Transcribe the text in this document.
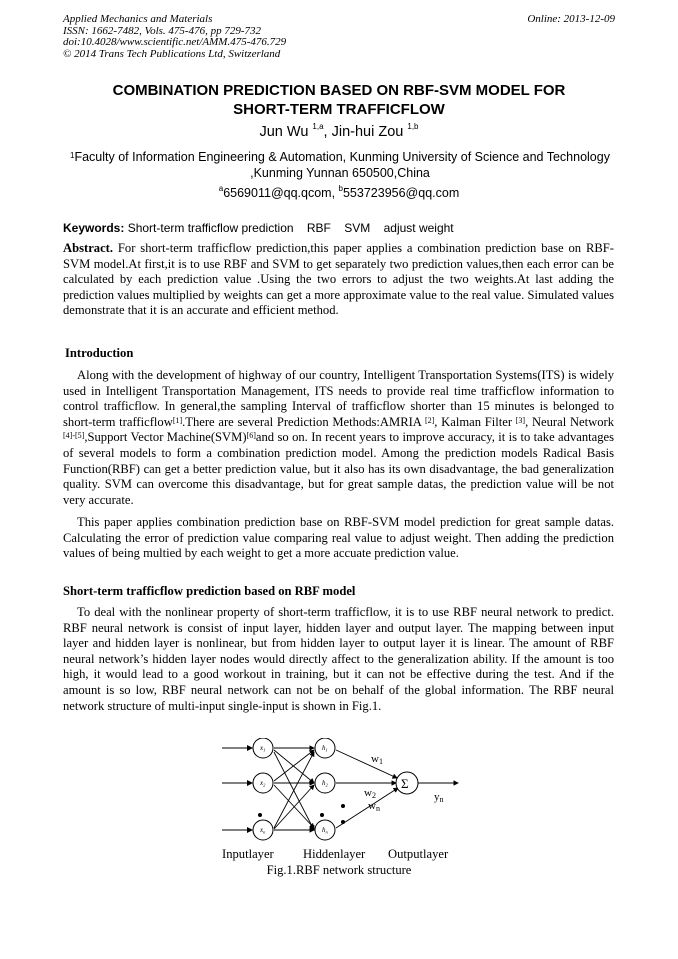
Applied Mechanics and Materials
ISSN: 1662-7482, Vols. 475-476, pp 729-732
doi:10.4028/www.scientific.net/AMM.475-476.729
© 2014 Trans Tech Publications Ltd, Switzerland
Online: 2013-12-09
COMBINATION PREDICTION BASED ON RBF-SVM MODEL FOR
SHORT-TERM TRAFFICFLOW
Jun Wu $^{1,a}$, Jin-hui Zou $^{1,b}$
$^1$Faculty of Information Engineering & Automation, Kunming University of Science and Technology
,Kunming Yunnan 650500,China
$^a$6569011@qq.qcom, $^b$553723956@qq.com
Keywords: Short-term trafficflow prediction RBF SVM adjust weight
Abstract. For short-term trafficflow prediction,this paper applies a combination prediction base on RBF-SVM model.At first,it is to use RBF and SVM to get separately two prediction values,then each error can be calculated by each prediction value .Using the two errors to adjust the two weights.At last adding the prediction values multiplied by weights can get a more approximate value to the real value. Simulated values demonstrate that it is an accurate and efficient method.
Introduction
Along with the development of highway of our country, Intelligent Transportation Systems(ITS) is widely used in Intelligent Transportation Management, ITS needs to provide real time trafficflow information to control trafficflow. In general,the sampling Interval of trafficflow shorter than 15 minutes is belonged to short-term trafficflow[1].There are several Prediction Methods:AMRIA [2], Kalman Filter [3], Neural Network [4]-[5],Support Vector Machine(SVM)[6]and so on. In recent years to improve accuracy, it is to take advantages of several models to form a combination prediction model. Among the prediction models Radical Basis Function(RBF) can get a better prediction value, but it also has its own disadvantage, the bad generalization quality. SVM can overcome this disadvantage, but for great sample datas, the prediction value will be not very accurate.
This paper applies combination prediction base on RBF-SVM model prediction for great sample datas. Calculating the error of prediction value comparing real value to adjust weight. Then adding the prediction values of being multied by each weight to get a more accuate prediction value.
Short-term trafficflow prediction based on RBF model
To deal with the nonlinear property of short-term trafficflow, it is to use RBF neural network to predict. RBF neural network is consist of input layer, hidden layer and output layer. The mapping between input layer and hidden layer is nonlinear, but from hidden layer to output layer it is linear. The amount of RBF neural network’s hidden layer nodes would directly affect to the generalization ability. If the amount is too high, it would lead to a good workout in training, but it can not be effective during the test. And if the amount is so low, RBF neural network can not be on behalf of the global information. The RBF neural network structure of multi-input single-input is shown in Fig.1.
$x_1$
$x_2$
$x_n$
$h_1$
$h_2$
$h_n$
w1
w2
wn
Σ
yn
Inputlayer Hiddenlayer Outputlayer
Fig.1.RBF network structure
